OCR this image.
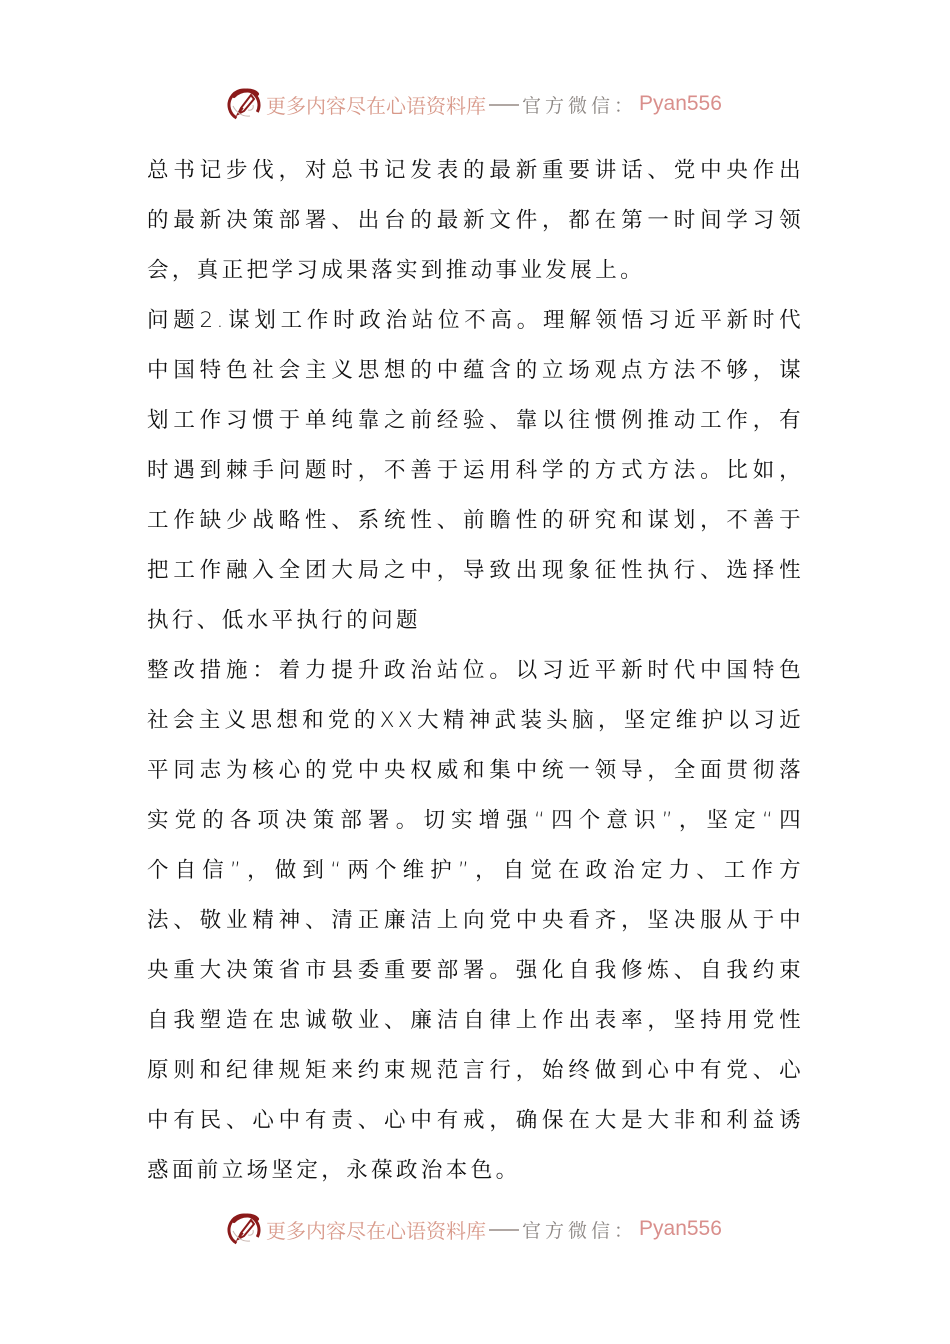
更多内容尽在心语资料库 官方微信： Pyan556
总书记步伐，对总书记发表的最新重要讲话、党中央作出
的最新决策部署、出台的最新文件，都在第一时间学习领
会，真正把学习成果落实到推动事业发展上。
问题2.谋划工作时政治站位不高。理解领悟习近平新时代
中国特色社会主义思想的中蕴含的立场观点方法不够，谋
划工作习惯于单纯靠之前经验、靠以往惯例推动工作，有
时遇到棘手问题时，不善于运用科学的方式方法。比如，
工作缺少战略性、系统性、前瞻性的研究和谋划，不善于
把工作融入全团大局之中，导致出现象征性执行、选择性
执行、低水平执行的问题
整改措施：着力提升政治站位。以习近平新时代中国特色
社会主义思想和党的XX大精神武装头脑，坚定维护以习近
平同志为核心的党中央权威和集中统一领导，全面贯彻落
实党的各项决策部署。切实增强“四个意识”，坚定“四
个自信”，做到“两个维护”，自觉在政治定力、工作方
法、敬业精神、清正廉洁上向党中央看齐，坚决服从于中
央重大决策省市县委重要部署。强化自我修炼、自我约束
自我塑造在忠诚敬业、廉洁自律上作出表率，坚持用党性
原则和纪律规矩来约束规范言行，始终做到心中有党、心
中有民、心中有责、心中有戒，确保在大是大非和利益诱
惑面前立场坚定，永葆政治本色。
更多内容尽在心语资料库 官方微信： Pyan556
